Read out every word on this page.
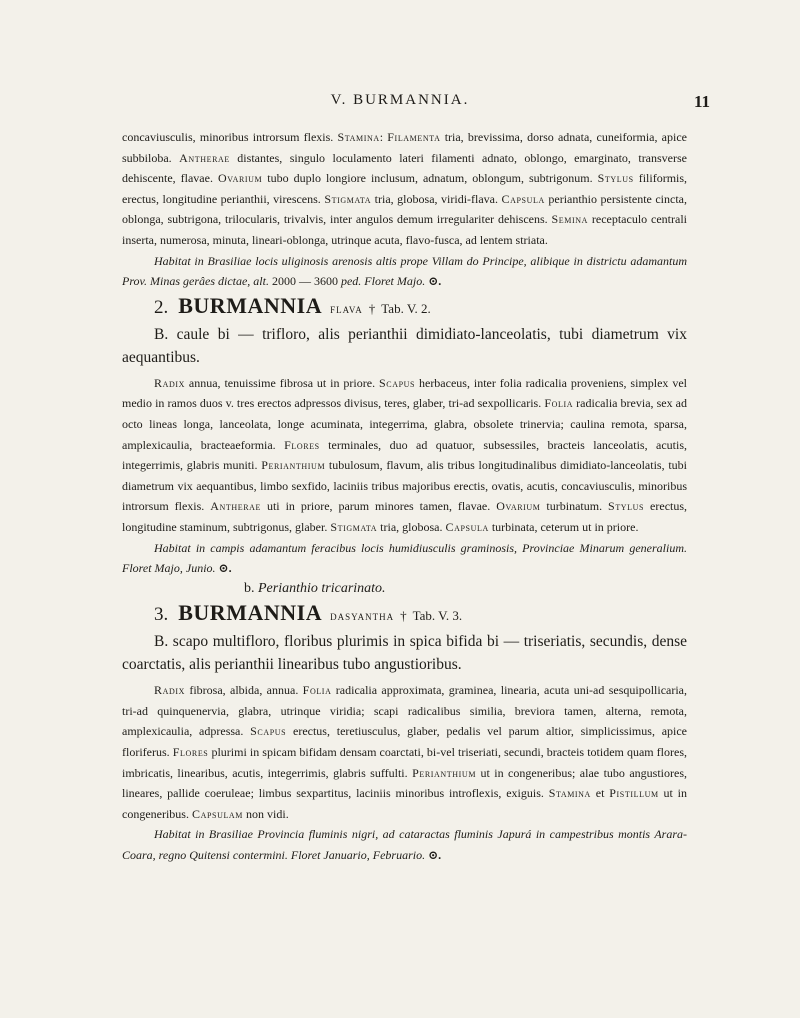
V. BURMANNIA.	11

concaviusculis, minoribus introrsum flexis. Stamina: Filamenta tria, brevissima, dorso adnata, cuneiformia, apice subbiloba. Antherae distantes, singulo loculamento lateri filamenti adnato, oblongo, emarginato, transverse dehiscente, flavae. Ovarium tubo duplo longiore inclusum, adnatum, oblongum, subtrigonum. Stylus filiformis, erectus, longitudine perianthii, virescens. Stigmata tria, globosa, viridi-flava. Capsula perianthio persistente cincta, oblonga, subtrigona, trilocularis, trivalvis, inter angulos demum irregulariter dehiscens. Semina receptaculo centrali inserta, numerosa, minuta, lineari-oblonga, utrinque acuta, flavo-fusca, ad lentem striata.

Habitat in Brasiliae locis uliginosis arenosis altis prope Villam do Principe, alibique in districtu adamantum Prov. Minas gerâes dictae, alt. 2000 — 3600 ped. Floret Majo. ⊙.

2. BURMANNIA flava † Tab. V. 2.

B. caule bi — trifloro, alis perianthii dimidiato-lanceolatis, tubi diametrum vix aequantibus.

Radix annua, tenuissime fibrosa ut in priore. Scapus herbaceus, inter folia radicalia proveniens, simplex vel medio in ramos duos v. tres erectos adpressos divisus, teres, glaber, tri-ad sexpollicaris. Folia radicalia brevia, sex ad octo lineas longa, lanceolata, longe acuminata, integerrima, glabra, obsolete trinervia; caulina remota, sparsa, amplexicaulia, bracteaeformia. Flores terminales, duo ad quatuor, subsessiles, bracteis lanceolatis, acutis, integerrimis, glabris muniti. Perianthium tubulosum, flavum, alis tribus longitudinalibus dimidiato-lanceolatis, tubi diametrum vix aequantibus, limbo sexfido, laciniis tribus majoribus erectis, ovatis, acutis, concaviusculis, minoribus introrsum flexis. Antherae uti in priore, parum minores tamen, flavae. Ovarium turbinatum. Stylus erectus, longitudine staminum, subtrigonus, glaber. Stigmata tria, globosa. Capsula turbinata, ceterum ut in priore.

Habitat in campis adamantum feracibus locis humidiusculis graminosis, Provinciae Minarum generalium. Floret Majo, Junio. ⊙.

b. Perianthio tricarinato.

3. BURMANNIA dasyantha † Tab. V. 3.

B. scapo multifloro, floribus plurimis in spica bifida bi — triseriatis, secundis, dense coarctatis, alis perianthii linearibus tubo angustioribus.

Radix fibrosa, albida, annua. Folia radicalia approximata, graminea, linearia, acuta uni-ad sesquipollicaria, tri-ad quinquenervia, glabra, utrinque viridia; scapi radicalibus similia, breviora tamen, alterna, remota, amplexicaulia, adpressa. Scapus erectus, teretiusculus, glaber, pedalis vel parum altior, simplicissimus, apice floriferus. Flores plurimi in spicam bifidam densam coarctati, bi-vel triseriati, secundi, bracteis totidem quam flores, imbricatis, linearibus, acutis, integerrimis, glabris suffulti. Perianthium ut in congeneribus; alae tubo angustiores, lineares, pallide coeruleae; limbus sexpartitus, laciniis minoribus introflexis, exiguis. Stamina et Pistillum ut in congeneribus. Capsulam non vidi.

Habitat in Brasiliae Provincia fluminis nigri, ad cataractas fluminis Japurá in campestribus montis Arara-Coara, regno Quitensi contermini. Floret Januario, Februario. ⊙.
